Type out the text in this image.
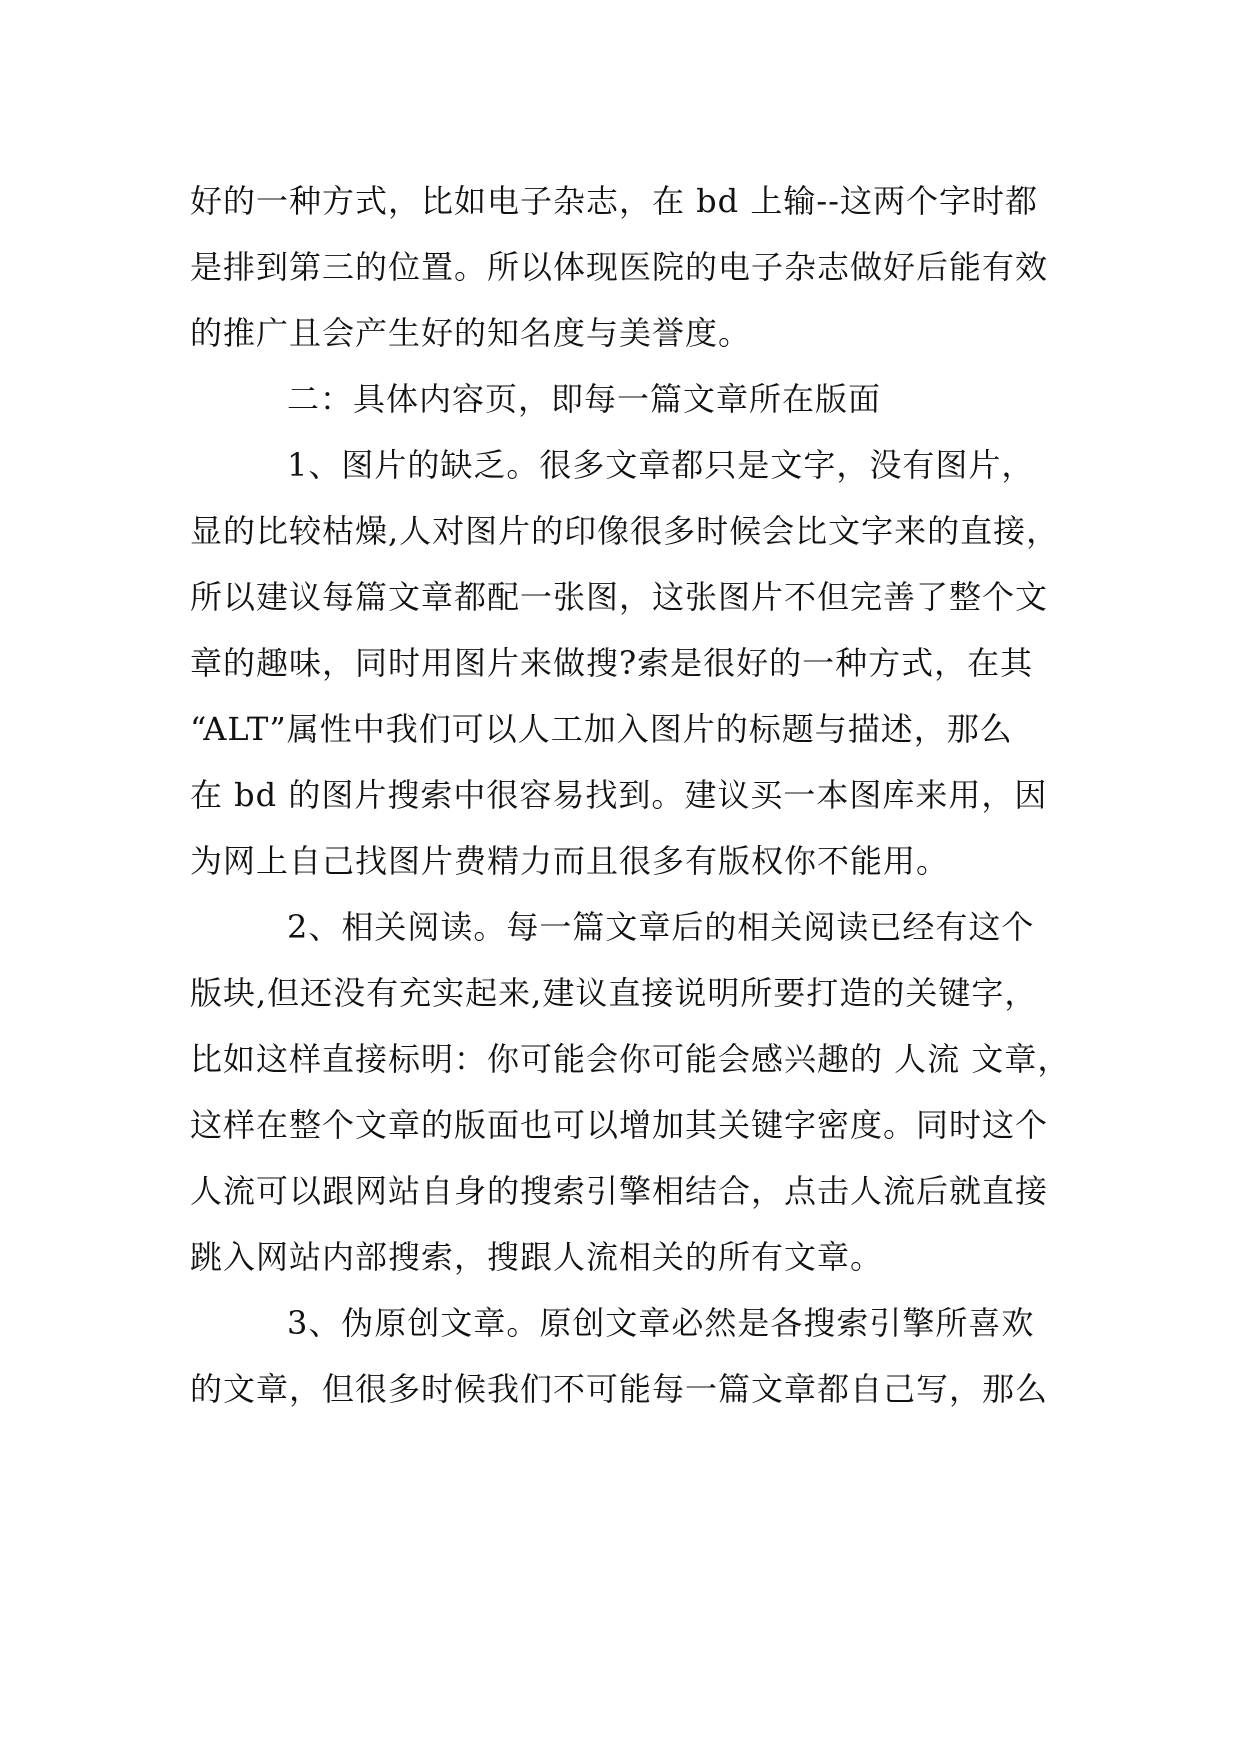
好的一种方式，比如电子杂志，在 bd 上输--这两个字时都
是排到第三的位置。所以体现医院的电子杂志做好后能有效
的推广且会产生好的知名度与美誉度。
二：具体内容页，即每一篇文章所在版面
1、图片的缺乏。很多文章都只是文字，没有图片，
显的比较枯燥,人对图片的印像很多时候会比文字来的直接，
所以建议每篇文章都配一张图，这张图片不但完善了整个文
章的趣味，同时用图片来做搜?索是很好的一种方式，在其
“ALT”属性中我们可以人工加入图片的标题与描述，那么
在 bd 的图片搜索中很容易找到。建议买一本图库来用，因
为网上自己找图片费精力而且很多有版权你不能用。
2、相关阅读。每一篇文章后的相关阅读已经有这个
版块,但还没有充实起来,建议直接说明所要打造的关键字，
比如这样直接标明：你可能会你可能会感兴趣的 人流 文章，
这样在整个文章的版面也可以增加其关键字密度。同时这个
人流可以跟网站自身的搜索引擎相结合，点击人流后就直接
跳入网站内部搜索，搜跟人流相关的所有文章。
3、伪原创文章。原创文章必然是各搜索引擎所喜欢
的文章，但很多时候我们不可能每一篇文章都自己写，那么
